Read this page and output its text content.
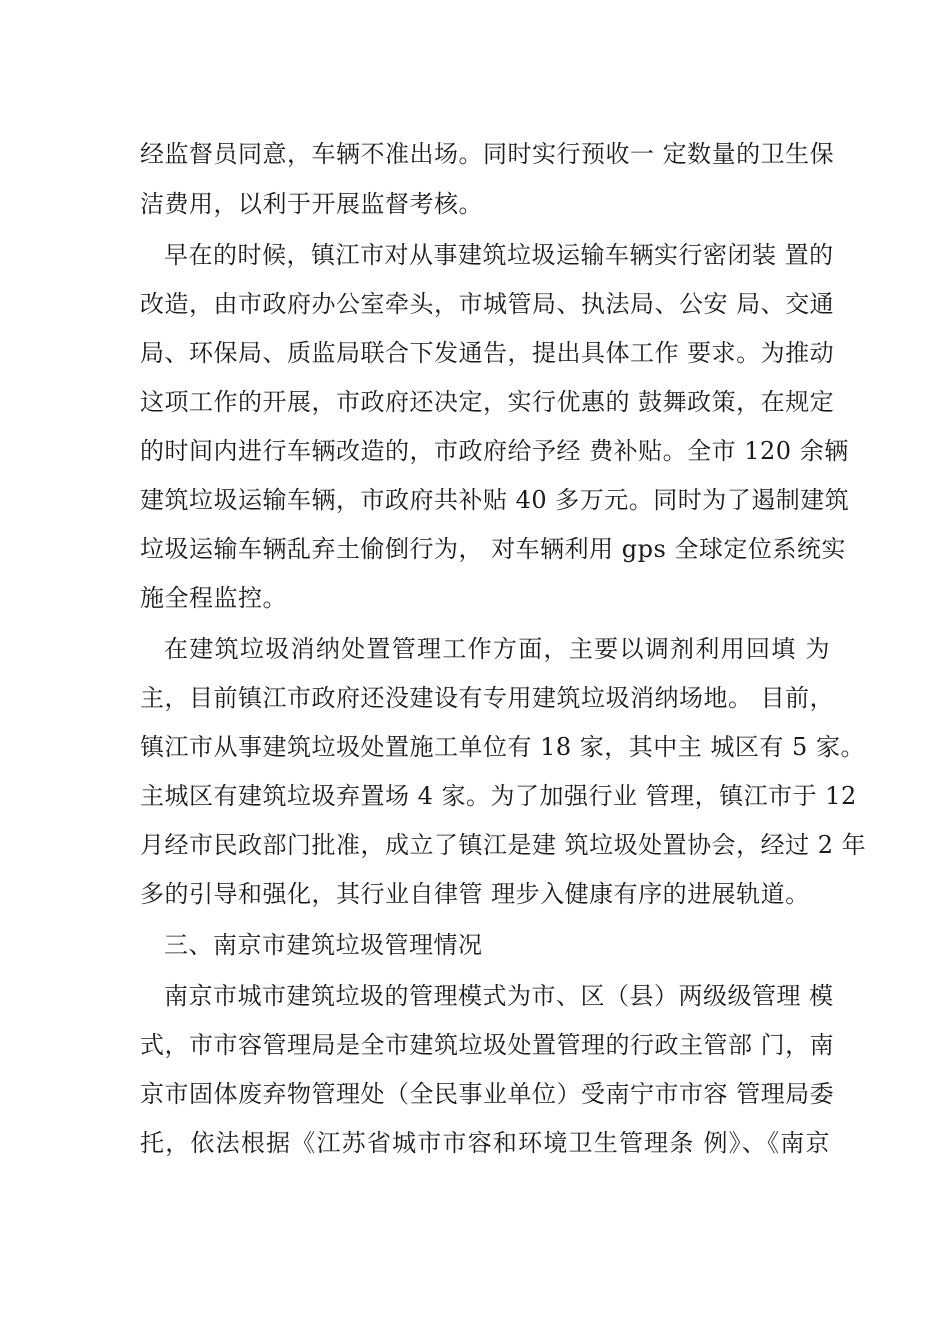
经监督员同意，车辆不准出场。同时实行预收一 定数量的卫生保
洁费用，以利于开展监督考核。
早在的时候，镇江市对从事建筑垃圾运输车辆实行密闭装 置的
改造，由市政府办公室牵头，市城管局、执法局、公安 局、交通
局、环保局、质监局联合下发通告，提出具体工作 要求。为推动
这项工作的开展，市政府还决定，实行优惠的 鼓舞政策，在规定
的时间内进行车辆改造的，市政府给予经 费补贴。全市 120 余辆
建筑垃圾运输车辆，市政府共补贴 40 多万元。同时为了遏制建筑
垃圾运输车辆乱弃土偷倒行为， 对车辆利用 gps 全球定位系统实
施全程监控。
在建筑垃圾消纳处置管理工作方面，主要以调剂利用回填 为
主，目前镇江市政府还没建设有专用建筑垃圾消纳场地。 目前，
镇江市从事建筑垃圾处置施工单位有 18 家，其中主 城区有 5 家。
主城区有建筑垃圾弃置场 4 家。为了加强行业 管理，镇江市于 12
月经市民政部门批准，成立了镇江是建 筑垃圾处置协会，经过 2 年
多的引导和强化，其行业自律管 理步入健康有序的进展轨道。
三、南京市建筑垃圾管理情况
南京市城市建筑垃圾的管理模式为市、区（县）两级级管理 模
式，市市容管理局是全市建筑垃圾处置管理的行政主管部 门，南
京市固体废弃物管理处（全民事业单位）受南宁市市容 管理局委
托，依法根据《江苏省城市市容和环境卫生管理条 例》、《南京
